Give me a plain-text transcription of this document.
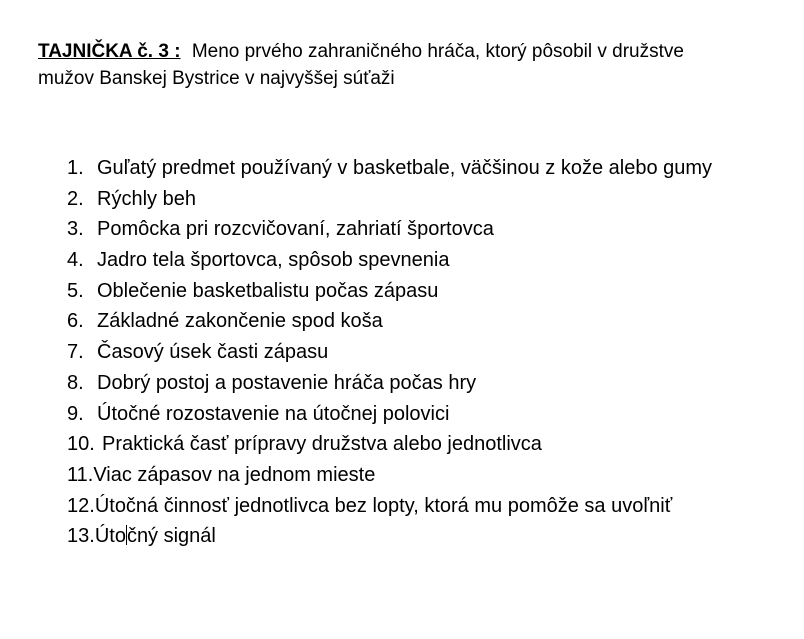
TAJNIČKA č. 3 : Meno prvého zahraničného hráča, ktorý pôsobil v družstve
mužov Banskej Bystrice v najvyššej súťaži
1. Guľatý predmet používaný v basketbale, väčšinou z kože alebo gumy
2. Rýchly beh
3. Pomôcka pri rozcvičovaní, zahriatí športovca
4. Jadro tela športovca, spôsob spevnenia
5. Oblečenie basketbalistu počas zápasu
6. Základné zakončenie spod koša
7. Časový úsek časti zápasu
8. Dobrý postoj a postavenie hráča počas hry
9. Útočné rozostavenie na útočnej polovici
10. Praktická časť prípravy družstva alebo jednotlivca
11.Viac zápasov na jednom mieste
12.Útočná činnosť jednotlivca bez lopty, ktorá mu pomôže sa uvoľniť
13.Útočný signál
